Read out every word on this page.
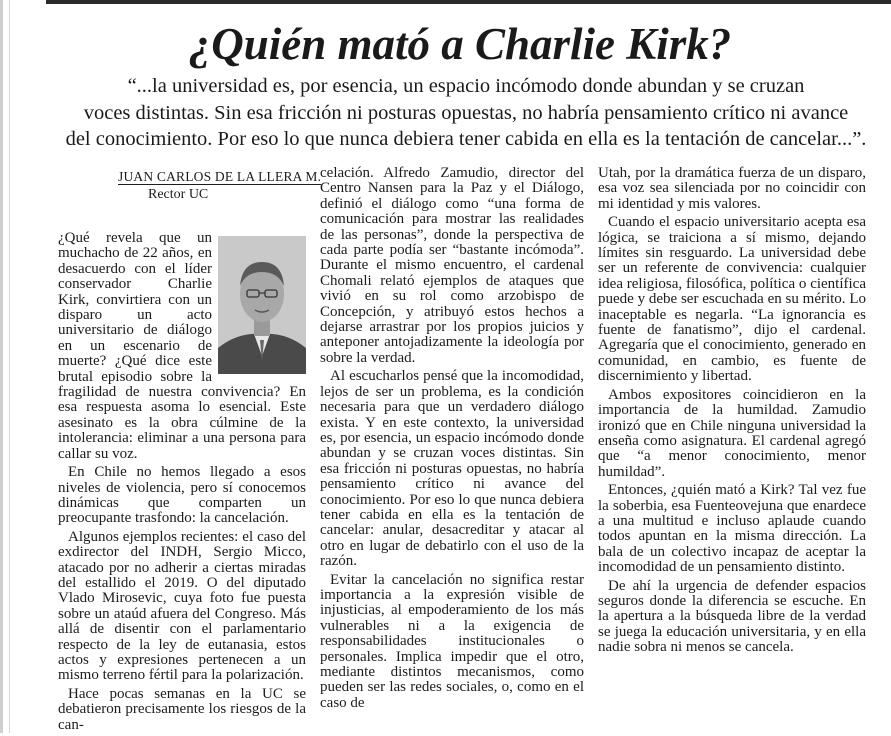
¿Quién mató a Charlie Kirk?
“...la universidad es, por esencia, un espacio incómodo donde abundan y se cruzan
voces distintas. Sin esa fricción ni posturas opuestas, no habría pensamiento crítico ni avance
del conocimiento. Por eso lo que nunca debiera tener cabida en ella es la tentación de cancelar...”.
JUAN CARLOS DE LA LLERA M.
Rector UC

¿Qué revela que un muchacho de 22 años, en desacuerdo con el líder conservador Charlie Kirk, convirtiera con un disparo un acto universitario de diálogo en un escenario de muerte? ¿Qué dice este brutal episodio sobre la fragilidad de nuestra convivencia? En esa respuesta asoma lo esencial. Este asesinato es la obra cúlmine de la intolerancia: eliminar a una persona para callar su voz.

En Chile no hemos llegado a esos niveles de violencia, pero sí conocemos dinámicas que comparten un preocupante trasfondo: la cancelación.

Algunos ejemplos recientes: el caso del exdirector del INDH, Sergio Micco, atacado por no adherir a ciertas miradas del estallido el 2019. O del diputado Vlado Mirosevic, cuya foto fue puesta sobre un ataúd afuera del Congreso. Más allá de disentir con el parlamentario respecto de la ley de eutanasia, estos actos y expresiones pertenecen a un mismo terreno fértil para la polarización.

Hace pocas semanas en la UC se debatieron precisamente los riesgos de la can-

celación. Alfredo Zamudio, director del Centro Nansen para la Paz y el Diálogo, definió el diálogo como “una forma de comunicación para mostrar las realidades de las personas”, donde la perspectiva de cada parte podía ser “bastante incómoda”. Durante el mismo encuentro, el cardenal Chomali relató ejemplos de ataques que vivió en su rol como arzobispo de Concepción, y atribuyó estos hechos a dejarse arrastrar por los propios juicios y anteponer antojadizamente la ideología por sobre la verdad.

Al escucharlos pensé que la incomodidad, lejos de ser un problema, es la condición necesaria para que un verdadero diálogo exista. Y en este contexto, la universidad es, por esencia, un espacio incómodo donde abundan y se cruzan voces distintas. Sin esa fricción ni posturas opuestas, no habría pensamiento crítico ni avance del conocimiento. Por eso lo que nunca debiera tener cabida en ella es la tentación de cancelar: anular, desacreditar y atacar al otro en lugar de debatirlo con el uso de la razón.

Evitar la cancelación no significa restar importancia a la expresión visible de injusticias, al empoderamiento de los más vulnerables ni a la exigencia de responsabilidades institucionales o personales. Implica impedir que el otro, mediante distintos mecanismos, como pueden ser las redes sociales, o, como en el caso de

Utah, por la dramática fuerza de un disparo, esa voz sea silenciada por no coincidir con mi identidad y mis valores.

Cuando el espacio universitario acepta esa lógica, se traiciona a sí mismo, dejando límites sin resguardo. La universidad debe ser un referente de convivencia: cualquier idea religiosa, filosófica, política o científica puede y debe ser escuchada en su mérito. Lo inaceptable es negarla. “La ignorancia es fuente de fanatismo”, dijo el cardenal. Agregaría que el conocimiento, generado en comunidad, en cambio, es fuente de discernimiento y libertad.

Ambos expositores coincidieron en la importancia de la humildad. Zamudio ironizó que en Chile ninguna universidad la enseña como asignatura. El cardenal agregó que “a menor conocimiento, menor humildad”.

Entonces, ¿quién mató a Kirk? Tal vez fue la soberbia, esa Fuenteovejuna que enardece a una multitud e incluso aplaude cuando todos apuntan en la misma dirección. La bala de un colectivo incapaz de aceptar la incomodidad de un pensamiento distinto.

De ahí la urgencia de defender espacios seguros donde la diferencia se escuche. En la apertura a la búsqueda libre de la verdad se juega la educación universitaria, y en ella nadie sobra ni menos se cancela.
